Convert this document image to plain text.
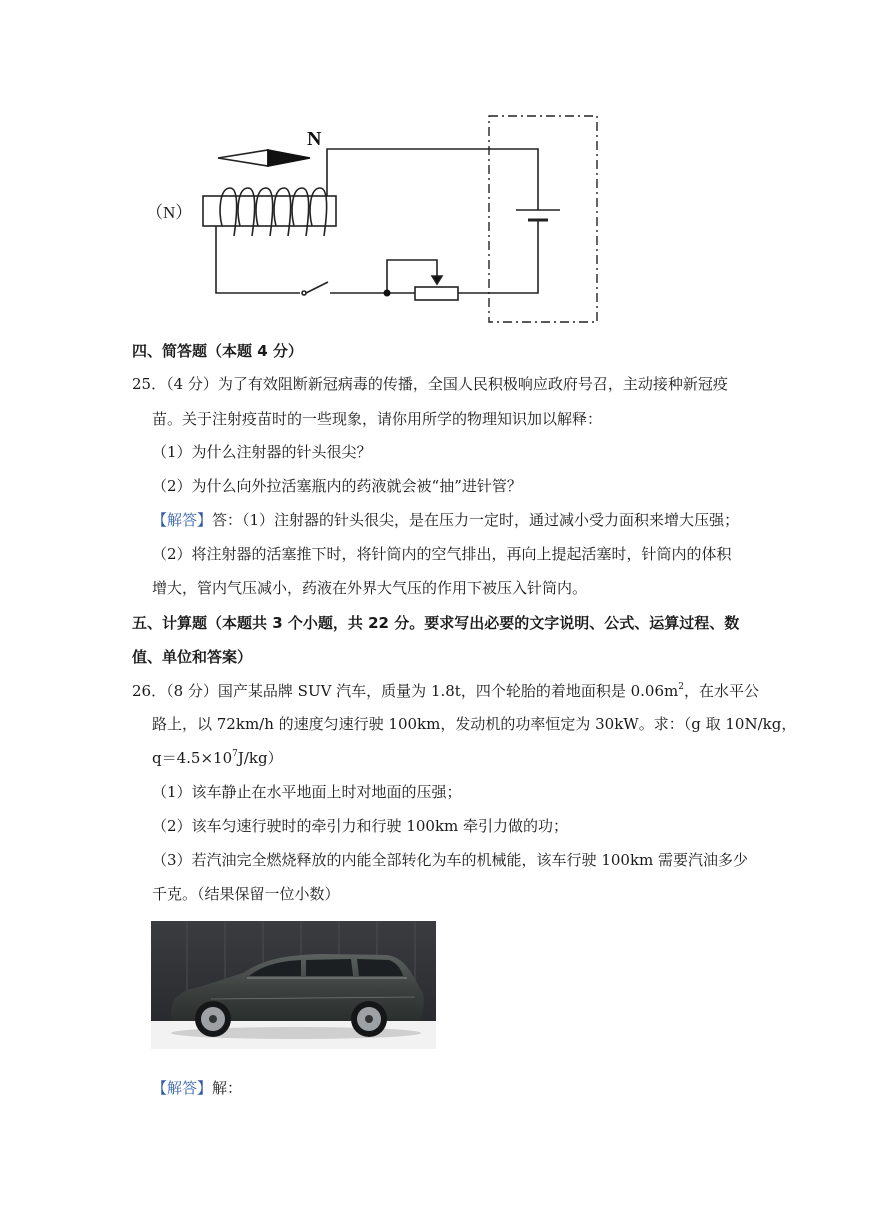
N
（N）
四、简答题（本题 4 分）
25．（4 分）为了有效阻断新冠病毒的传播，全国人民积极响应政府号召，主动接种新冠疫
苗。关于注射疫苗时的一些现象，请你用所学的物理知识加以解释：
（1）为什么注射器的针头很尖？
（2）为什么向外拉活塞瓶内的药液就会被“抽”进针管？
【解答】答：（1）注射器的针头很尖，是在压力一定时，通过减小受力面积来增大压强；
（2）将注射器的活塞推下时，将针筒内的空气排出，再向上提起活塞时，针筒内的体积
增大，管内气压减小，药液在外界大气压的作用下被压入针筒内。
五、计算题（本题共 3 个小题，共 22 分。要求写出必要的文字说明、公式、运算过程、数
值、单位和答案）
26．（8 分）国产某品牌 SUV 汽车，质量为 1.8t，四个轮胎的着地面积是 $0.06m^2$，在水平公
路上，以 72km/h 的速度匀速行驶 100km，发动机的功率恒定为 30kW。求：（g 取 10N/kg，
$q=4.5\times 10^7J/kg$）
（1）该车静止在水平地面上时对地面的压强；
（2）该车匀速行驶时的牵引力和行驶 100km 牵引力做的功；
（3）若汽油完全燃烧释放的内能全部转化为车的机械能，该车行驶 100km 需要汽油多少
千克。（结果保留一位小数）
【解答】解：
